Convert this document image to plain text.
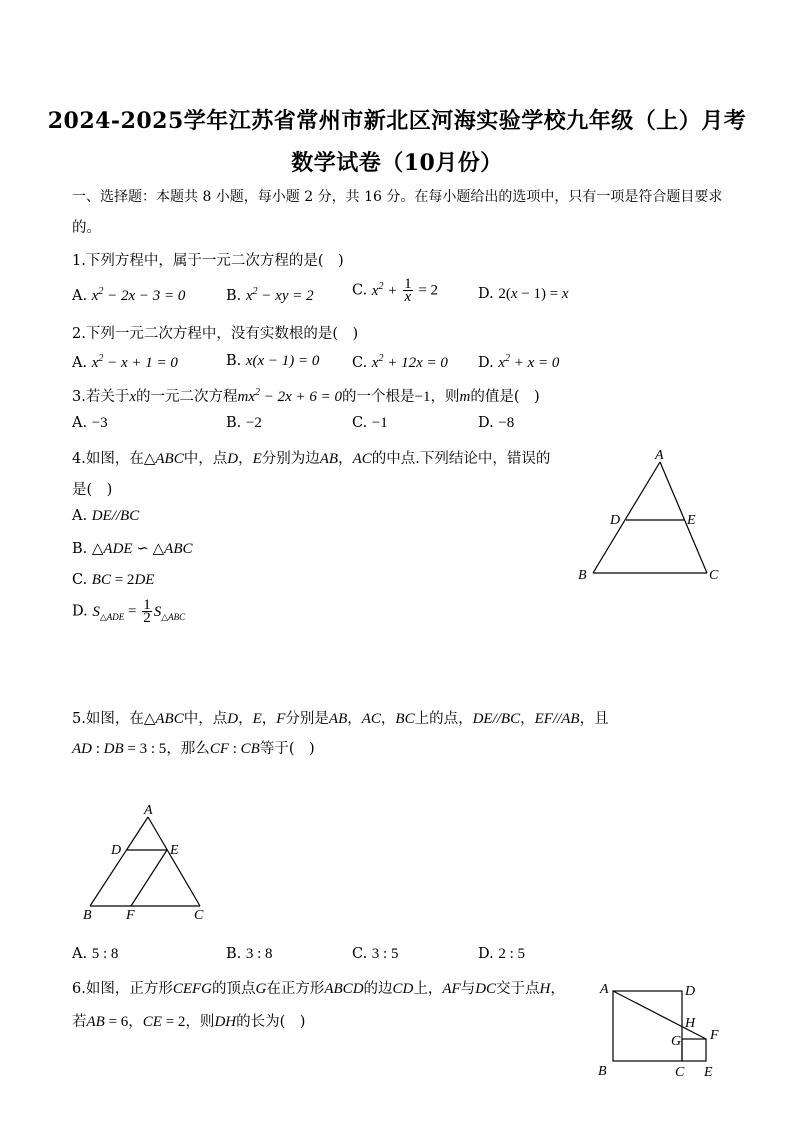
2024-2025学年江苏省常州市新北区河海实验学校九年级（上）月考
数学试卷（10月份）
一、选择题：本题共 8 小题，每小题 2 分，共 16 分。在每小题给出的选项中，只有一项是符合题目要求
的。
1.下列方程中，属于一元二次方程的是(　)
A. $x^2 - 2x - 3 = 0$	B. $x^2$ − xy = 2	C. $x^2 + \frac{1}{x} = 2$	D. 2(x − 1) = x
2.下列一元二次方程中，没有实数根的是(　)
A. $x^2 - x + 1 = 0$	B. x(x − 1) = 0 C. $x^2 + 12x = 0$ D. $x^2 + x = 0$
3.若关于x的一元二次方程$mx^2 - 2x + 6 = 0$的一个根是−1，则m的值是(　)
A. −3	B. −2	C. −1	D. −8
4.如图，在△ABC中，点D，E分别为边AB，AC的中点.下列结论中，错误的
是(　)
A. DE//BC
B. △ADE ∽ △ABC
C. BC = 2DE
D. $S_{\triangle ADE} = \frac{1}{2} S_{\triangle ABC}$
A
D	E
B	C
5.如图，在△ABC中，点D，E，F分别是AB，AC，BC上的点，DE//BC，EF//AB，且
AD : DB = 3 : 5，那么CF : CB等于(　)
A
D	E
B F	C
A. 5 : 8	B. 3 : 8	C. 3 : 5	D. 2 : 5
6.如图，正方形CEFG的顶点G在正方形ABCD的边CD上，AF与DC交于点H，
若AB = 6，CE = 2，则DH的长为(　)
A	D
H
F
G
B	C E
